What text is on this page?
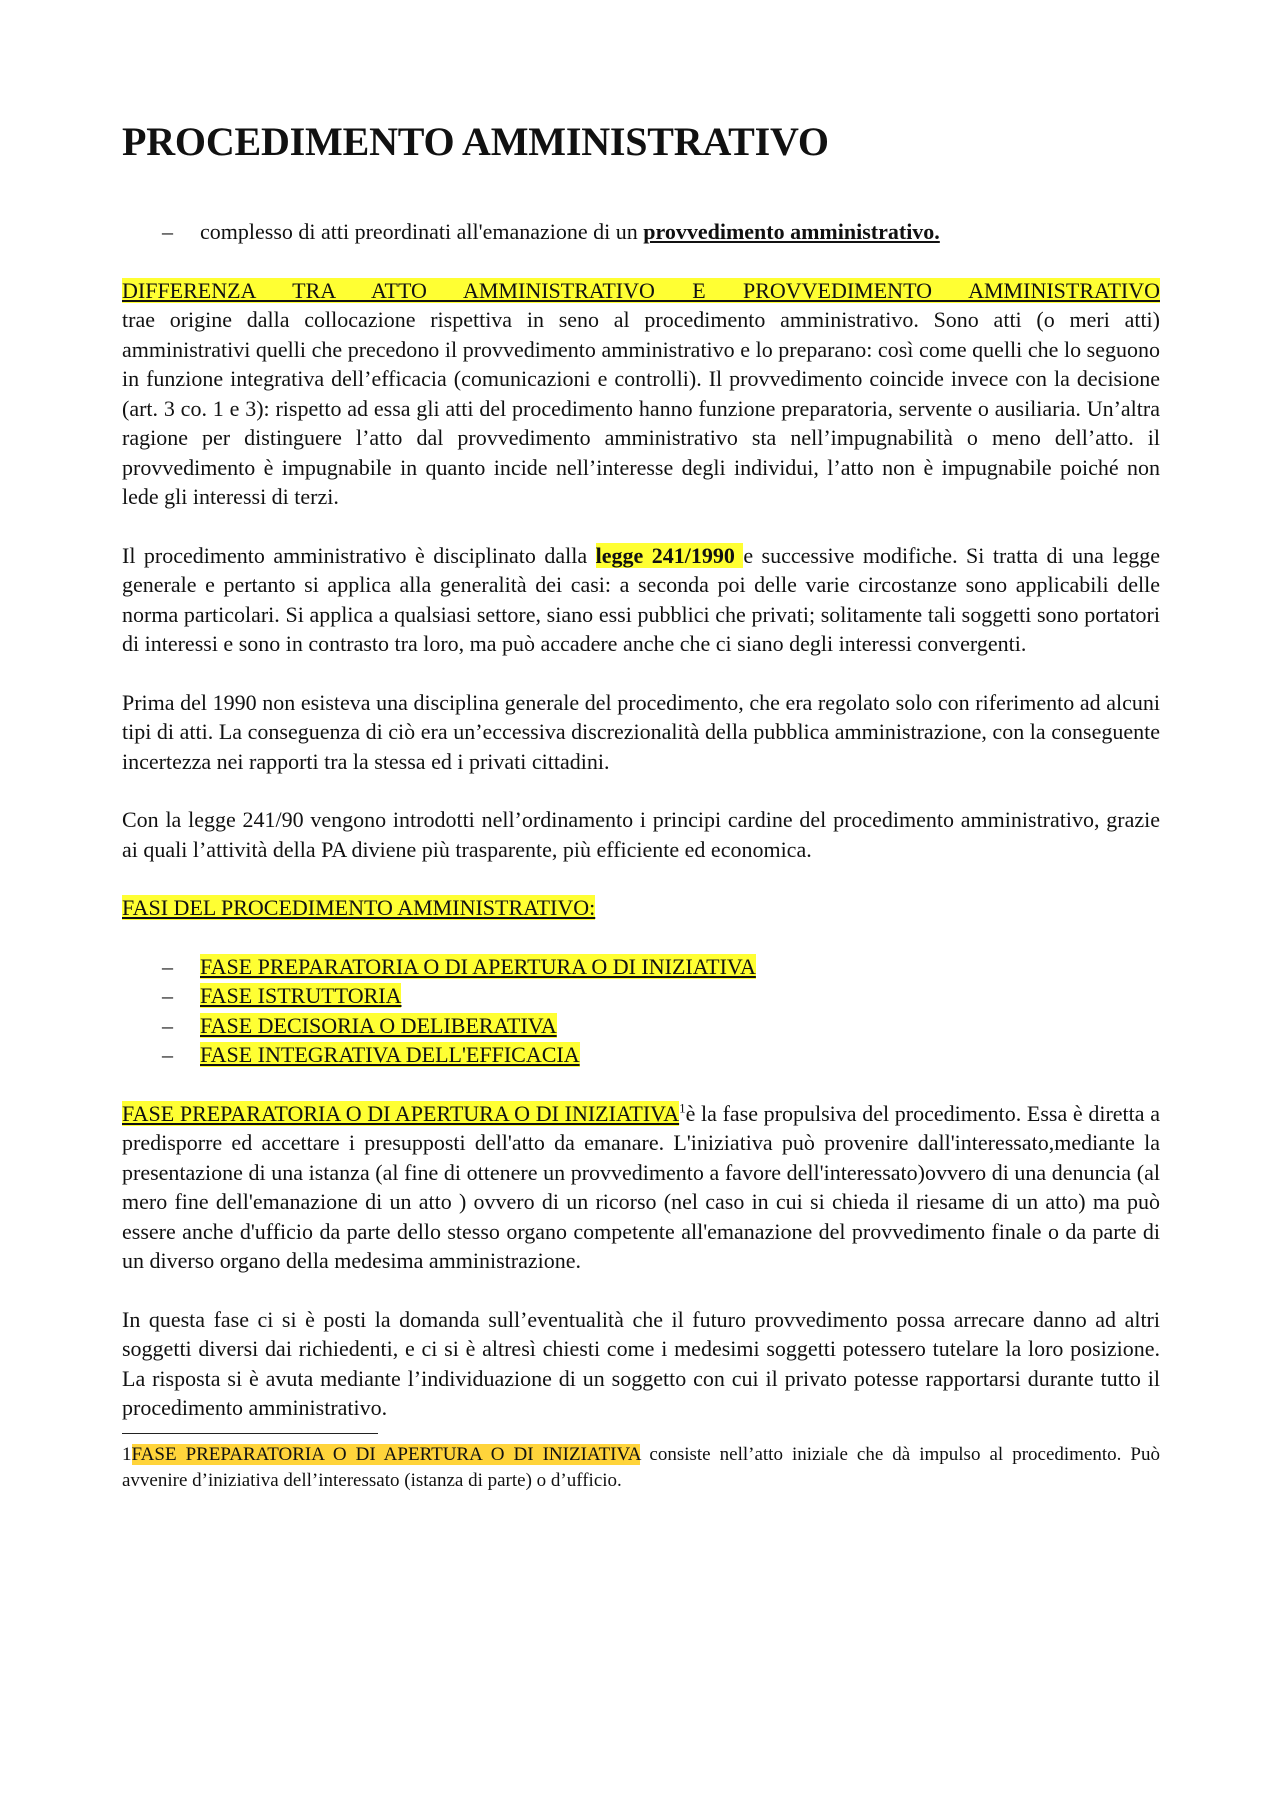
PROCEDIMENTO AMMINISTRATIVO
– complesso di atti preordinati all'emanazione di un provvedimento amministrativo.

DIFFERENZA TRA ATTO AMMINISTRATIVO E PROVVEDIMENTO AMMINISTRATIVO

trae origine dalla collocazione rispettiva in seno al procedimento amministrativo. Sono atti (o meri atti) amministrativi quelli che precedono il provvedimento amministrativo e lo preparano: così come quelli che lo seguono in funzione integrativa dell’efficacia (comunicazioni e controlli). Il provvedimento coincide invece con la decisione (art. 3 co. 1 e 3): rispetto ad essa gli atti del procedimento hanno funzione preparatoria, servente o ausiliaria. Un’altra ragione per distinguere l’atto dal provvedimento amministrativo sta nell’impugnabilità o meno dell’atto. il provvedimento è impugnabile in quanto incide nell’interesse degli individui, l’atto non è impugnabile poiché non lede gli interessi di terzi.

Il procedimento amministrativo è disciplinato dalla legge 241/1990 e successive modifiche. Si tratta di una legge generale e pertanto si applica alla generalità dei casi: a seconda poi delle varie circostanze sono applicabili delle norma particolari. Si applica a qualsiasi settore, siano essi pubblici che privati; solitamente tali soggetti sono portatori di interessi e sono in contrasto tra loro, ma può accadere anche che ci siano degli interessi convergenti.

Prima del 1990 non esisteva una disciplina generale del procedimento, che era regolato solo con riferimento ad alcuni tipi di atti. La conseguenza di ciò era un’eccessiva discrezionalità della pubblica amministrazione, con la conseguente incertezza nei rapporti tra la stessa ed i privati cittadini.

Con la legge 241/90 vengono introdotti nell’ordinamento i principi cardine del procedimento amministrativo, grazie ai quali l’attività della PA diviene più trasparente, più efficiente ed economica.

FASI DEL PROCEDIMENTO AMMINISTRATIVO:

– FASE PREPARATORIA O DI APERTURA O DI INIZIATIVA
– FASE ISTRUTTORIA
– FASE DECISORIA O DELIBERATIVA
– FASE INTEGRATIVA DELL'EFFICACIA

FASE PREPARATORIA O DI APERTURA O DI INIZIATIVA$^1$è la fase propulsiva del procedimento. Essa è diretta a predisporre ed accettare i presupposti dell'atto da emanare. L'iniziativa può provenire dall'interessato,mediante la presentazione di una istanza (al fine di ottenere un provvedimento a favore dell'interessato)ovvero di una denuncia (al mero fine dell'emanazione di un atto ) ovvero di un ricorso (nel caso in cui si chieda il riesame di un atto) ma può essere anche d'ufficio da parte dello stesso organo competente all'emanazione del provvedimento finale o da parte di un diverso organo della medesima amministrazione.

In questa fase ci si è posti la domanda sull’eventualità che il futuro provvedimento possa arrecare danno ad altri soggetti diversi dai richiedenti, e ci si è altresì chiesti come i medesimi soggetti potessero tutelare la loro posizione. La risposta si è avuta mediante l’individuazione di un soggetto con cui il privato potesse rapportarsi durante tutto il procedimento amministrativo.

1FASE PREPARATORIA O DI APERTURA O DI INIZIATIVA consiste nell’atto iniziale che dà impulso al procedimento. Può avvenire d’iniziativa dell’interessato (istanza di parte) o d’ufficio.
